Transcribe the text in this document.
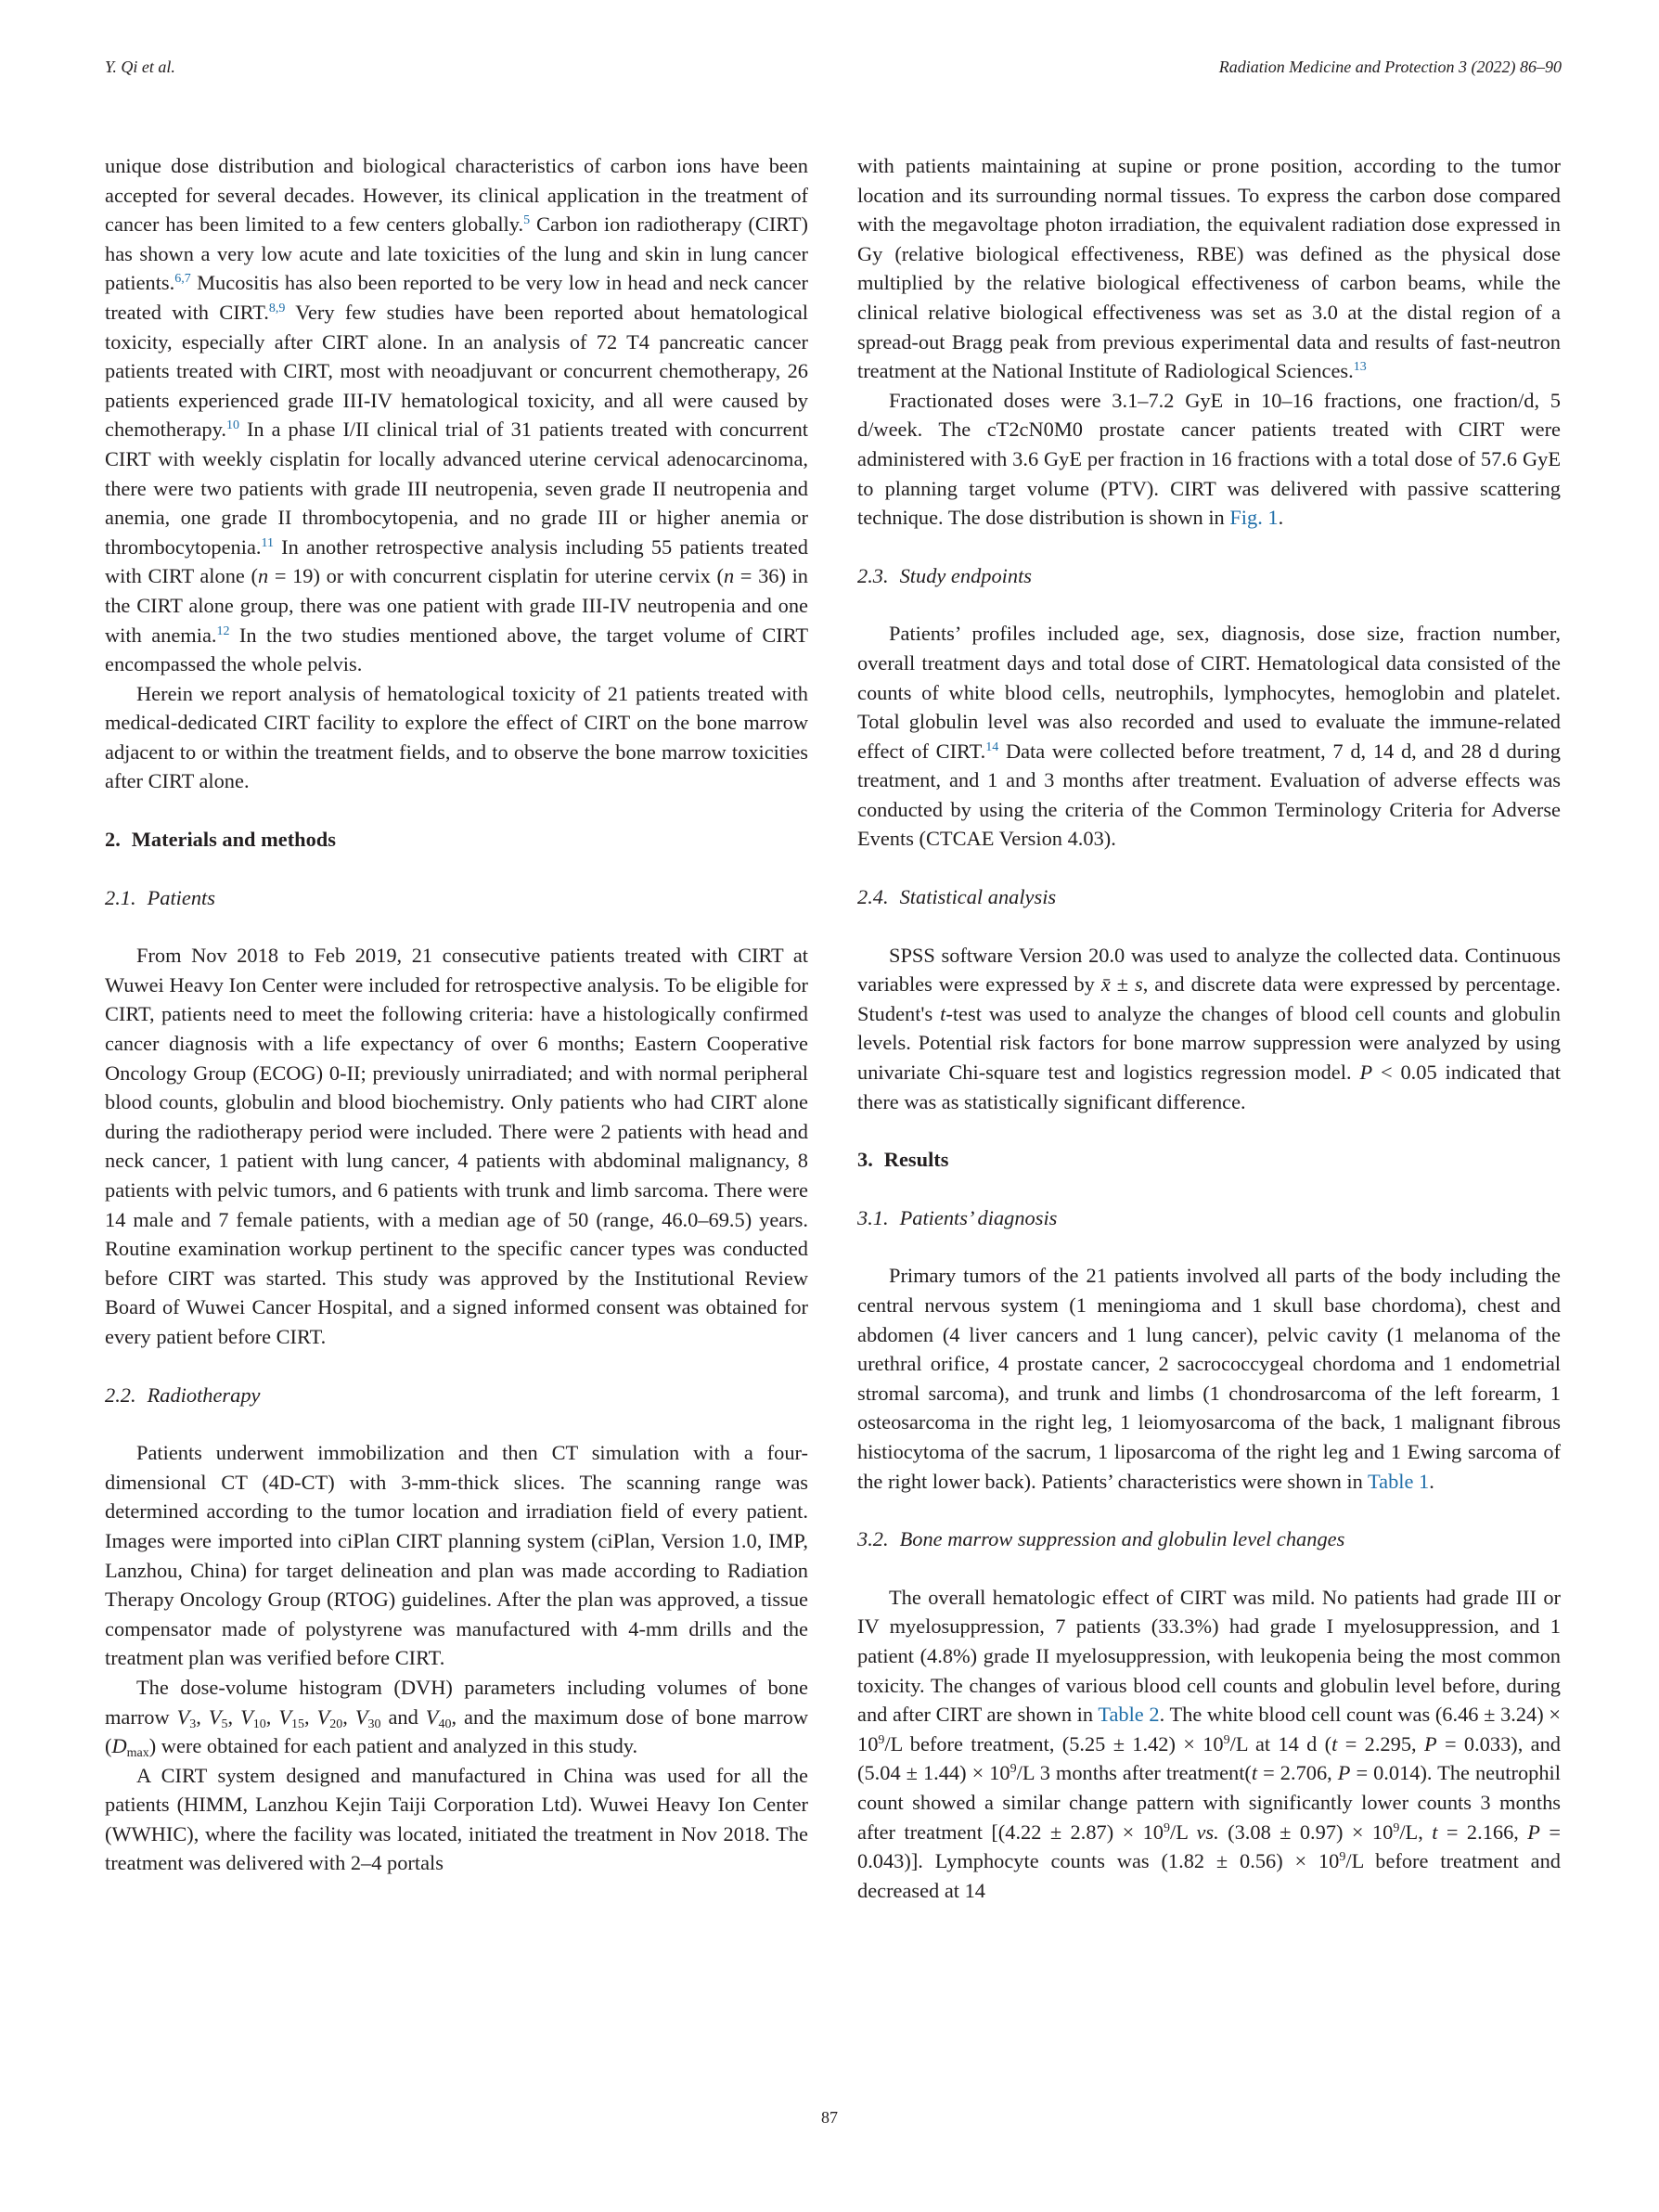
Y. Qi et al.	Radiation Medicine and Protection 3 (2022) 86–90

unique dose distribution and biological characteristics of carbon ions have been accepted for several decades. However, its clinical application in the treatment of cancer has been limited to a few centers globally.$^5$ Carbon ion radiotherapy (CIRT) has shown a very low acute and late toxicities of the lung and skin in lung cancer patients.$^{6,7}$ Mucositis has also been reported to be very low in head and neck cancer treated with CIRT.$^{8,9}$ Very few studies have been reported about hematological toxicity, especially after CIRT alone. In an analysis of 72 T4 pancreatic cancer patients treated with CIRT, most with neoadjuvant or concurrent chemotherapy, 26 patients experienced grade III-IV hematological toxicity, and all were caused by chemotherapy.$^{10}$ In a phase I/II clinical trial of 31 patients treated with concurrent CIRT with weekly cisplatin for locally advanced uterine cervical adenocarcinoma, there were two patients with grade III neutropenia, seven grade II neutropenia and anemia, one grade II thrombocytopenia, and no grade III or higher anemia or thrombocytopenia.$^{11}$ In another retrospective analysis including 55 patients treated with CIRT alone (n = 19) or with concurrent cisplatin for uterine cervix (n = 36) in the CIRT alone group, there was one patient with grade III-IV neutropenia and one with anemia.$^{12}$ In the two studies mentioned above, the target volume of CIRT encompassed the whole pelvis.

Herein we report analysis of hematological toxicity of 21 patients treated with medical-dedicated CIRT facility to explore the effect of CIRT on the bone marrow adjacent to or within the treatment fields, and to observe the bone marrow toxicities after CIRT alone.

2. Materials and methods
2.1. Patients

From Nov 2018 to Feb 2019, 21 consecutive patients treated with CIRT at Wuwei Heavy Ion Center were included for retrospective analysis. To be eligible for CIRT, patients need to meet the following criteria: have a histologically confirmed cancer diagnosis with a life expectancy of over 6 months; Eastern Cooperative Oncology Group (ECOG) 0-II; previously unirradiated; and with normal peripheral blood counts, globulin and blood biochemistry. Only patients who had CIRT alone during the radiotherapy period were included. There were 2 patients with head and neck cancer, 1 patient with lung cancer, 4 patients with abdominal malignancy, 8 patients with pelvic tumors, and 6 patients with trunk and limb sarcoma. There were 14 male and 7 female patients, with a median age of 50 (range, 46.0–69.5) years. Routine examination workup pertinent to the specific cancer types was conducted before CIRT was started. This study was approved by the Institutional Review Board of Wuwei Cancer Hospital, and a signed informed consent was obtained for every patient before CIRT.

2.2. Radiotherapy

Patients underwent immobilization and then CT simulation with a four-dimensional CT (4D-CT) with 3-mm-thick slices. The scanning range was determined according to the tumor location and irradiation field of every patient. Images were imported into ciPlan CIRT planning system (ciPlan, Version 1.0, IMP, Lanzhou, China) for target delineation and plan was made according to Radiation Therapy Oncology Group (RTOG) guidelines. After the plan was approved, a tissue compensator made of polystyrene was manufactured with 4-mm drills and the treatment plan was verified before CIRT.

The dose-volume histogram (DVH) parameters including volumes of bone marrow $V_3$, $V_5$, $V_{10}$, $V_{15}$, $V_{20}$, $V_{30}$ and $V_{40}$, and the maximum dose of bone marrow $(D_{max})$ were obtained for each patient and analyzed in this study.

A CIRT system designed and manufactured in China was used for all the patients (HIMM, Lanzhou Kejin Taiji Corporation Ltd). Wuwei Heavy Ion Center (WWHIC), where the facility was located, initiated the treatment in Nov 2018. The treatment was delivered with 2–4 portals

with patients maintaining at supine or prone position, according to the tumor location and its surrounding normal tissues. To express the carbon dose compared with the megavoltage photon irradiation, the equivalent radiation dose expressed in Gy (relative biological effectiveness, RBE) was defined as the physical dose multiplied by the relative biological effectiveness of carbon beams, while the clinical relative biological effectiveness was set as 3.0 at the distal region of a spread-out Bragg peak from previous experimental data and results of fast-neutron treatment at the National Institute of Radiological Sciences.$^{13}$

Fractionated doses were 3.1–7.2 GyE in 10–16 fractions, one fraction/d, 5 d/week. The cT2cN0M0 prostate cancer patients treated with CIRT were administered with 3.6 GyE per fraction in 16 fractions with a total dose of 57.6 GyE to planning target volume (PTV). CIRT was delivered with passive scattering technique. The dose distribution is shown in Fig. 1.

2.3. Study endpoints

Patients’ profiles included age, sex, diagnosis, dose size, fraction number, overall treatment days and total dose of CIRT. Hematological data consisted of the counts of white blood cells, neutrophils, lymphocytes, hemoglobin and platelet. Total globulin level was also recorded and used to evaluate the immune-related effect of CIRT.$^{14}$ Data were collected before treatment, 7 d, 14 d, and 28 d during treatment, and 1 and 3 months after treatment. Evaluation of adverse effects was conducted by using the criteria of the Common Terminology Criteria for Adverse Events (CTCAE Version 4.03).

2.4. Statistical analysis

SPSS software Version 20.0 was used to analyze the collected data. Continuous variables were expressed by x̄ ± s, and discrete data were expressed by percentage. Student's t-test was used to analyze the changes of blood cell counts and globulin levels. Potential risk factors for bone marrow suppression were analyzed by using univariate Chi-square test and logistics regression model. P < 0.05 indicated that there was as statistically significant difference.

3. Results
3.1. Patients’ diagnosis

Primary tumors of the 21 patients involved all parts of the body including the central nervous system (1 meningioma and 1 skull base chordoma), chest and abdomen (4 liver cancers and 1 lung cancer), pelvic cavity (1 melanoma of the urethral orifice, 4 prostate cancer, 2 sacrococcygeal chordoma and 1 endometrial stromal sarcoma), and trunk and limbs (1 chondrosarcoma of the left forearm, 1 osteosarcoma in the right leg, 1 leiomyosarcoma of the back, 1 malignant fibrous histiocytoma of the sacrum, 1 liposarcoma of the right leg and 1 Ewing sarcoma of the right lower back). Patients’ characteristics were shown in Table 1.

3.2. Bone marrow suppression and globulin level changes

The overall hematologic effect of CIRT was mild. No patients had grade III or IV myelosuppression, 7 patients (33.3%) had grade I myelosuppression, and 1 patient (4.8%) grade II myelosuppression, with leukopenia being the most common toxicity. The changes of various blood cell counts and globulin level before, during and after CIRT are shown in Table 2. The white blood cell count was $(6.46 \pm 3.24) \times 10^9/L$ before treatment, $(5.25 \pm 1.42) \times 10^9/L$ at 14 d (t = 2.295, P = 0.033), and $(5.04 \pm 1.44) \times 10^9/L$ 3 months after treatment(t = 2.706, P = 0.014). The neutrophil count showed a similar change pattern with significantly lower counts 3 months after treatment [$(4.22 \pm 2.87) \times 10^9/L$ vs. $(3.08 \pm 0.97) \times 10^9/L$, t = 2.166, P = 0.043)]. Lymphocyte counts was $(1.82 \pm 0.56) \times 10^9/L$ before treatment and decreased at 14

87
